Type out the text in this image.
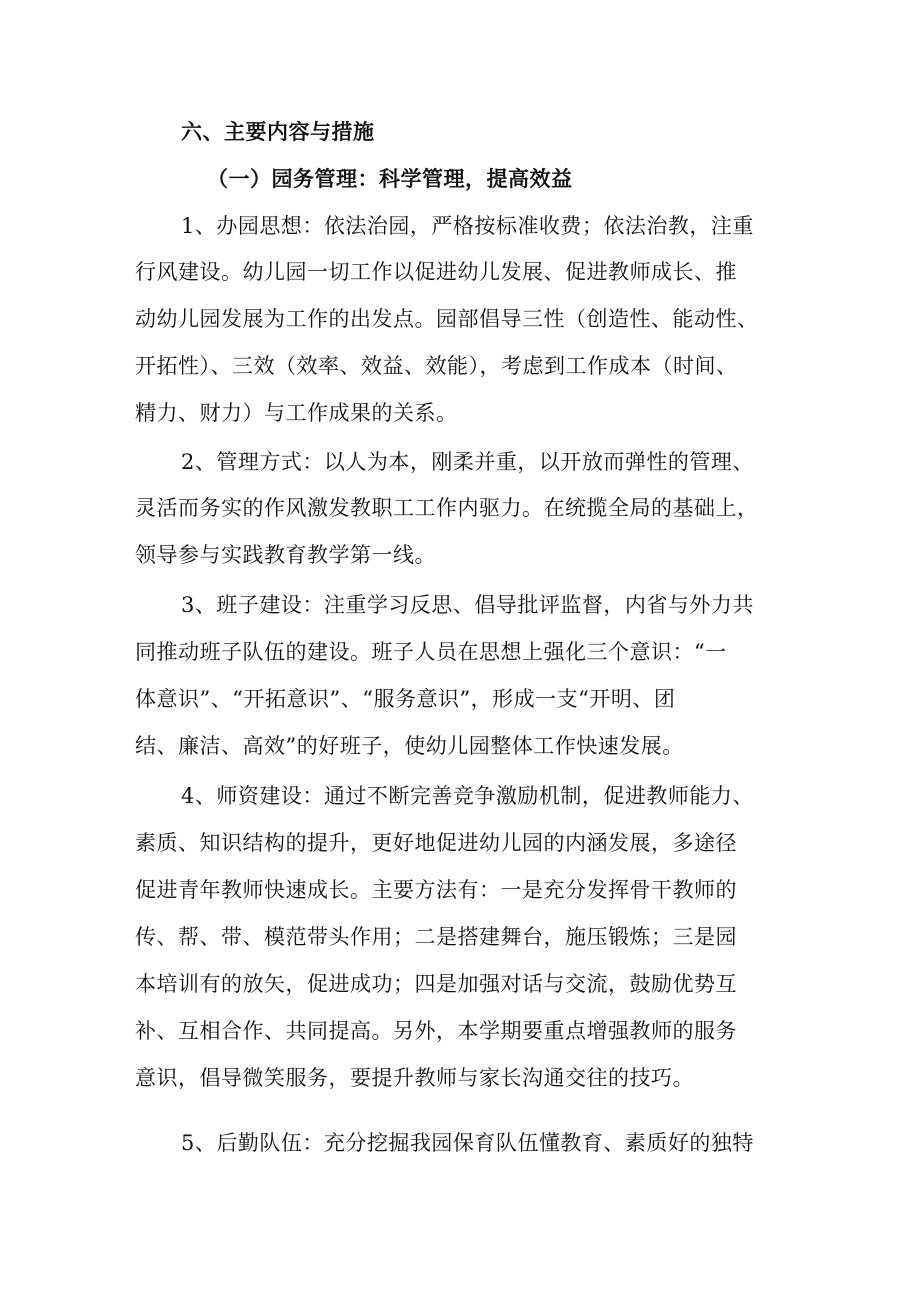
六、主要内容与措施
（一）园务管理：科学管理，提高效益
1、办园思想：依法治园，严格按标准收费；依法治教，注重
行风建设。幼儿园一切工作以促进幼儿发展、促进教师成长、推
动幼儿园发展为工作的出发点。园部倡导三性（创造性、能动性、
开拓性）、三效（效率、效益、效能），考虑到工作成本（时间、
精力、财力）与工作成果的关系。
2、管理方式：以人为本，刚柔并重，以开放而弹性的管理、
灵活而务实的作风激发教职工工作内驱力。在统揽全局的基础上，
领导参与实践教育教学第一线。
3、班子建设：注重学习反思、倡导批评监督，内省与外力共
同推动班子队伍的建设。班子人员在思想上强化三个意识：“一
体意识”、“开拓意识”、“服务意识”，形成一支“开明、团
结、廉洁、高效”的好班子，使幼儿园整体工作快速发展。
4、师资建设：通过不断完善竞争激励机制，促进教师能力、
素质、知识结构的提升，更好地促进幼儿园的内涵发展，多途径
促进青年教师快速成长。主要方法有：一是充分发挥骨干教师的
传、帮、带、模范带头作用；二是搭建舞台，施压锻炼；三是园
本培训有的放矢，促进成功；四是加强对话与交流，鼓励优势互
补、互相合作、共同提高。另外，本学期要重点增强教师的服务
意识，倡导微笑服务，要提升教师与家长沟通交往的技巧。
5、后勤队伍：充分挖掘我园保育队伍懂教育、素质好的独特
